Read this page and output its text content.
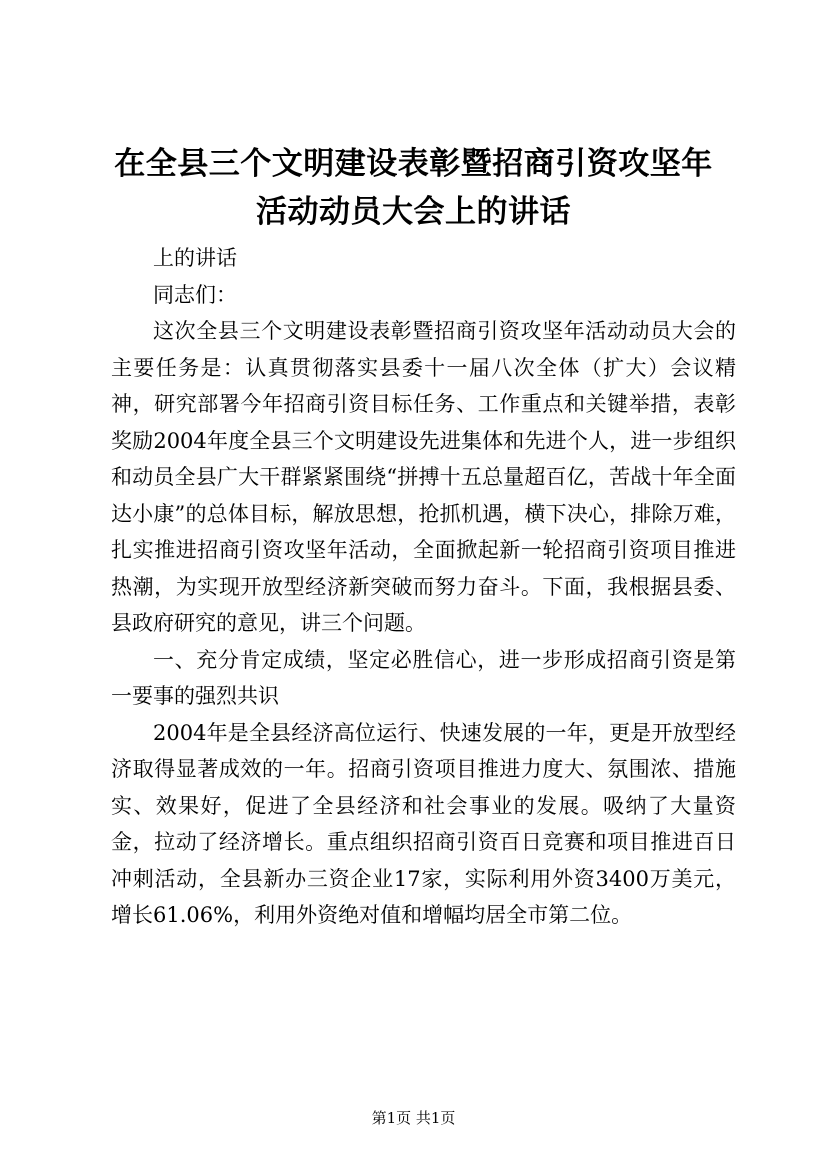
在全县三个文明建设表彰暨招商引资攻坚年活动动员大会上的讲话

上的讲话

同志们：

这次全县三个文明建设表彰暨招商引资攻坚年活动动员大会的主要任务是：认真贯彻落实县委十一届八次全体（扩大）会议精神，研究部署今年招商引资目标任务、工作重点和关键举措，表彰奖励2004年度全县三个文明建设先进集体和先进个人，进一步组织和动员全县广大干群紧紧围绕“拼搏十五总量超百亿，苦战十年全面达小康”的总体目标，解放思想，抢抓机遇，横下决心，排除万难，扎实推进招商引资攻坚年活动，全面掀起新一轮招商引资项目推进热潮，为实现开放型经济新突破而努力奋斗。下面，我根据县委、县政府研究的意见，讲三个问题。

一、充分肯定成绩，坚定必胜信心，进一步形成招商引资是第一要事的强烈共识

2004年是全县经济高位运行、快速发展的一年，更是开放型经济取得显著成效的一年。招商引资项目推进力度大、氛围浓、措施实、效果好，促进了全县经济和社会事业的发展。吸纳了大量资金，拉动了经济增长。重点组织招商引资百日竞赛和项目推进百日冲刺活动，全县新办三资企业17家，实际利用外资3400万美元，增长61.06%，利用外资绝对值和增幅均居全市第二位。

第1页 共1页
